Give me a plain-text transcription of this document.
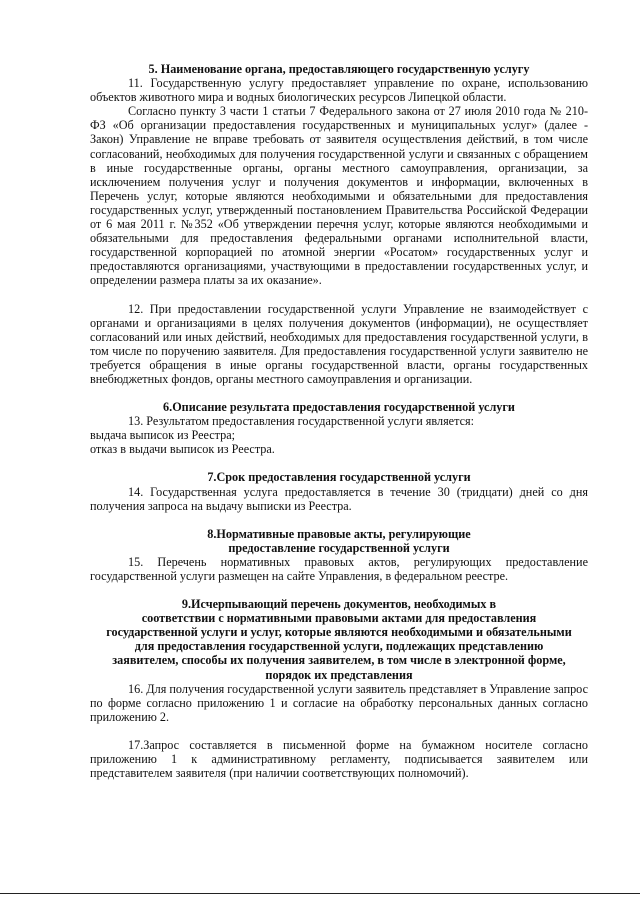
5. Наименование органа, предоставляющего государственную услугу

11. Государственную услугу предоставляет управление по охране, использованию объектов животного мира и водных биологических ресурсов Липецкой области.

Согласно пункту 3 части 1 статьи 7 Федерального закона от 27 июля 2010 года № 210-ФЗ «Об организации предоставления государственных и муниципальных услуг» (далее - Закон) Управление не вправе требовать от заявителя осуществления действий, в том числе согласований, необходимых для получения государственной услуги и связанных с обращением в иные государственные органы, органы местного самоуправления, организации, за исключением получения услуг и получения документов и информации, включенных в Перечень услуг, которые являются необходимыми и обязательными для предоставления государственных услуг, утвержденный постановлением Правительства Российской Федерации от 6 мая 2011 г. №352 «Об утверждении перечня услуг, которые являются необходимыми и обязательными для предоставления федеральными органами исполнительной власти, государственной корпорацией по атомной энергии «Росатом» государственных услуг и предоставляются организациями, участвующими в предоставлении государственных услуг, и определении размера платы за их оказание».

12. При предоставлении государственной услуги Управление не взаимодействует с органами и организациями в целях получения документов (информации), не осуществляет согласований или иных действий, необходимых для предоставления государственной услуги, в том числе по поручению заявителя. Для предоставления государственной услуги заявителю не требуется обращения в иные органы государственной власти, органы государственных внебюджетных фондов, органы местного самоуправления и организации.

6.Описание результата предоставления государственной услуги

13. Результатом предоставления государственной услуги является:

выдача выписок из Реестра;

отказ в выдачи выписок из Реестра.

7.Срок предоставления государственной услуги

14. Государственная услуга предоставляется в течение 30 (тридцати) дней со дня получения запроса на выдачу выписки из Реестра.

8.Нормативные правовые акты, регулирующие
предоставление государственной услуги

15. Перечень нормативных правовых актов, регулирующих предоставление государственной услуги размещен на сайте Управления, в федеральном реестре.

9.Исчерпывающий перечень документов, необходимых в
соответствии с нормативными правовыми актами для предоставления
государственной услуги и услуг, которые являются необходимыми и обязательными
для предоставления государственной услуги, подлежащих представлению
заявителем, способы их получения заявителем, в том числе в электронной форме,
порядок их представления

16. Для получения государственной услуги заявитель представляет в Управление запрос по форме согласно приложению 1 и согласие на обработку персональных данных согласно приложению 2.

17.Запрос составляется в письменной форме на бумажном носителе согласно приложению 1 к административному регламенту, подписывается заявителем или представителем заявителя (при наличии соответствующих полномочий).
